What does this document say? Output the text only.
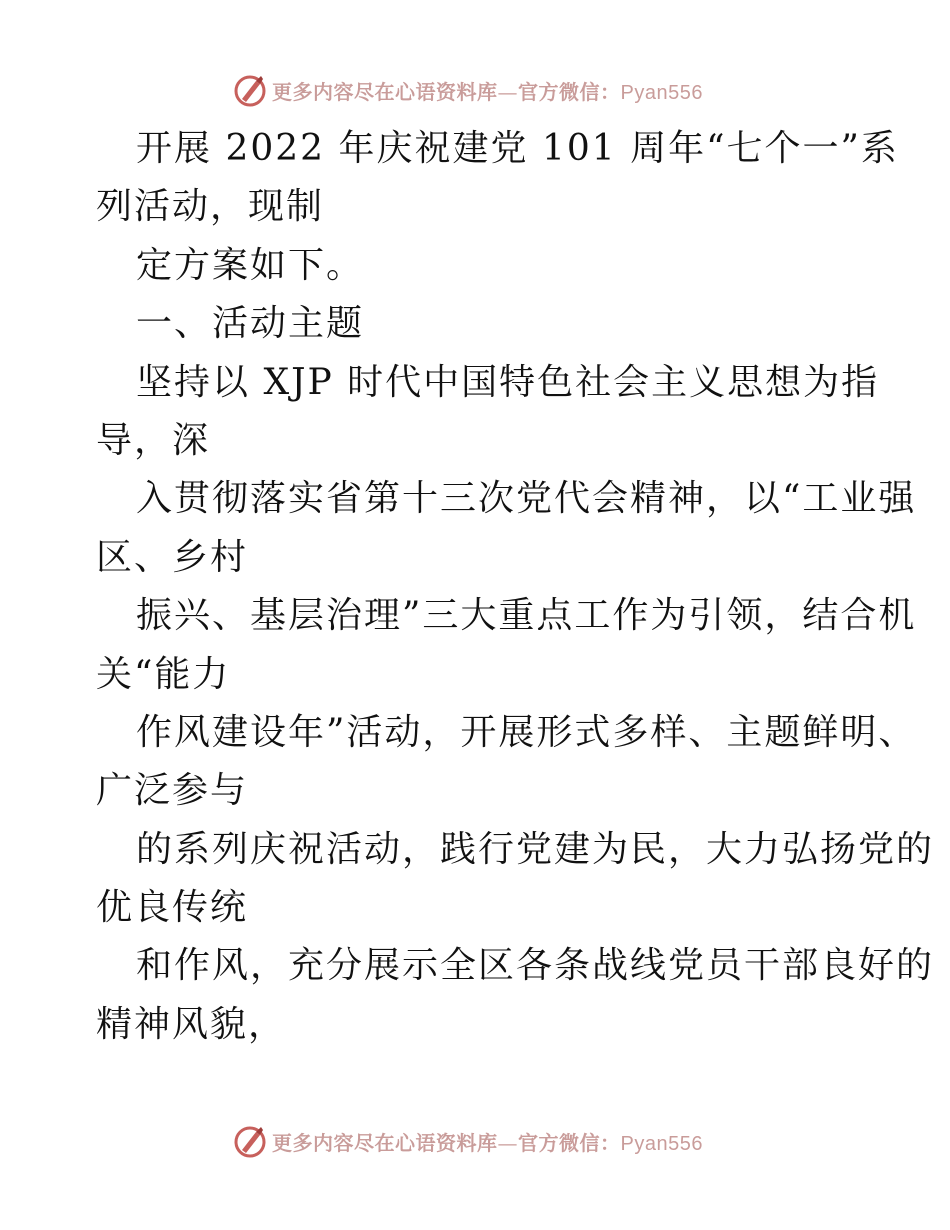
更多内容尽在心语资料库—官方微信：Pyan556
开展 2022 年庆祝建党 101 周年“七个一”系
列活动，现制
定方案如下。
一、活动主题
坚持以 XJP 时代中国特色社会主义思想为指
导，深
入贯彻落实省第十三次党代会精神，以“工业强
区、乡村
振兴、基层治理”三大重点工作为引领，结合机
关“能力
作风建设年”活动，开展形式多样、主题鲜明、
广泛参与
的系列庆祝活动，践行党建为民，大力弘扬党的
优良传统
和作风，充分展示全区各条战线党员干部良好的
精神风貌，
更多内容尽在心语资料库—官方微信：Pyan556
